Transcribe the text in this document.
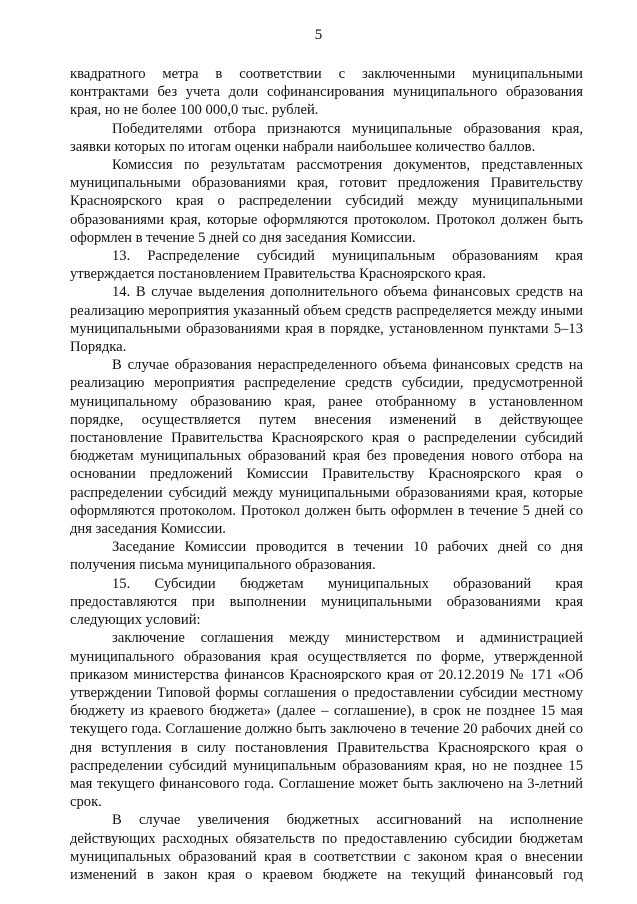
5

квадратного метра в соответствии с заключенными муниципальными контрактами без учета доли софинансирования муниципального образования края, но не более 100 000,0 тыс. рублей.

Победителями отбора признаются муниципальные образования края, заявки которых по итогам оценки набрали наибольшее количество баллов.

Комиссия по результатам рассмотрения документов, представленных муниципальными образованиями края, готовит предложения Правительству Красноярского края о распределении субсидий между муниципальными образованиями края, которые оформляются протоколом. Протокол должен быть оформлен в течение 5 дней со дня заседания Комиссии.

13. Распределение субсидий муниципальным образованиям края утверждается постановлением Правительства Красноярского края.

14. В случае выделения дополнительного объема финансовых средств на реализацию мероприятия указанный объем средств распределяется между иными муниципальными образованиями края в порядке, установленном пунктами 5–13 Порядка.

В случае образования нераспределенного объема финансовых средств на реализацию мероприятия распределение средств субсидии, предусмотренной муниципальному образованию края, ранее отобранному в установленном порядке, осуществляется путем внесения изменений в действующее постановление Правительства Красноярского края о распределении субсидий бюджетам муниципальных образований края без проведения нового отбора на основании предложений Комиссии Правительству Красноярского края о распределении субсидий между муниципальными образованиями края, которые оформляются протоколом. Протокол должен быть оформлен в течение 5 дней со дня заседания Комиссии.

Заседание Комиссии проводится в течении 10 рабочих дней со дня получения письма муниципального образования.

15. Субсидии бюджетам муниципальных образований края предоставляются при выполнении муниципальными образованиями края следующих условий:

заключение соглашения между министерством и администрацией муниципального образования края осуществляется по форме, утвержденной приказом министерства финансов Красноярского края от 20.12.2019 № 171 «Об утверждении Типовой формы соглашения о предоставлении субсидии местному бюджету из краевого бюджета» (далее – соглашение), в срок не позднее 15 мая текущего года. Соглашение должно быть заключено в течение 20 рабочих дней со дня вступления в силу постановления Правительства Красноярского края о распределении субсидий муниципальным образованиям края, но не позднее 15 мая текущего финансового года. Соглашение может быть заключено на 3-летний срок.

В случае увеличения бюджетных ассигнований на исполнение действующих расходных обязательств по предоставлению субсидии бюджетам муниципальных образований края в соответствии с законом края о внесении изменений в закон края о краевом бюджете на текущий финансовый год
